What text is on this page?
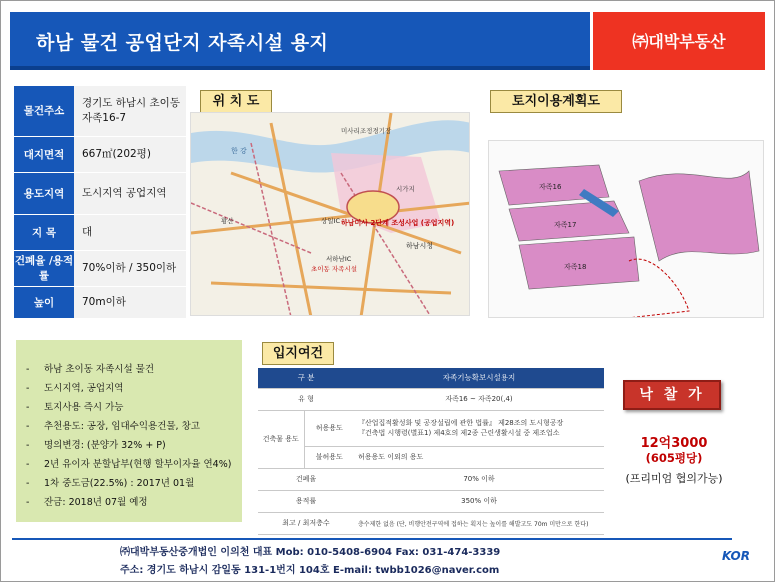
하남 물건 공업단지 자족시설 용지	㈜대박부동산
물건주소	경기도 하남시 초이동 자족16-7
대지면적	667㎡(202평)
용도지역	도시지역 공업지역
지 목	대
건폐율 /용적률	70%이하 / 350이하
높이	70m이하
위 치 도	토지이용계획도
하남미사 2단계 조성사업 (공업지역)
미사리조정경기장
하남시청
상일IC
서하남IC
황산
초이동 자족시설
시가지
한 강
자족16
자족17
자족18
- 하남 초이동 자족시설 물건
- 도시지역, 공업지역
- 토지사용 즉시 가능
- 추천용도: 공장, 임대수익용건물, 창고
- 명의변경: (분양가 32% + P)
- 2년 유이자 분할납부(현행 할부이자율 연4%)
- 1차 중도금(22.5%) : 2017년 01월
- 잔금: 2018년 07월 예정
입지여건
구 분		자족기능확보시설용지
유 형		자족16 ~ 자족20(,4)
건축물 용도	허용용도	『산업집적활성화 및 공장설립에 관한 법률』 제28조의 도시형공장
『건축법 시행령(별표1) 제4호의 제2종 근린생활시설 중 제조업소

	불허용도	허용용도 이외의 용도
건폐율		70% 이하
용적률		350% 이하
최고 / 최저층수		층수제한 없음 (단, 비행안전구역에 접하는 획지는 높이를 해발고도 70m 미만으로 한다)
낙 찰 가
12억3000
(605평당)
(프리미엄 협의가능)
㈜대박부동산중개법인 이의천 대표 Mob: 010-5408-6904 Fax: 031-474-3339
주소: 경기도 하남시 감일동 131-1번지 104호 E-mail: twbb1026@naver.com
KOR
